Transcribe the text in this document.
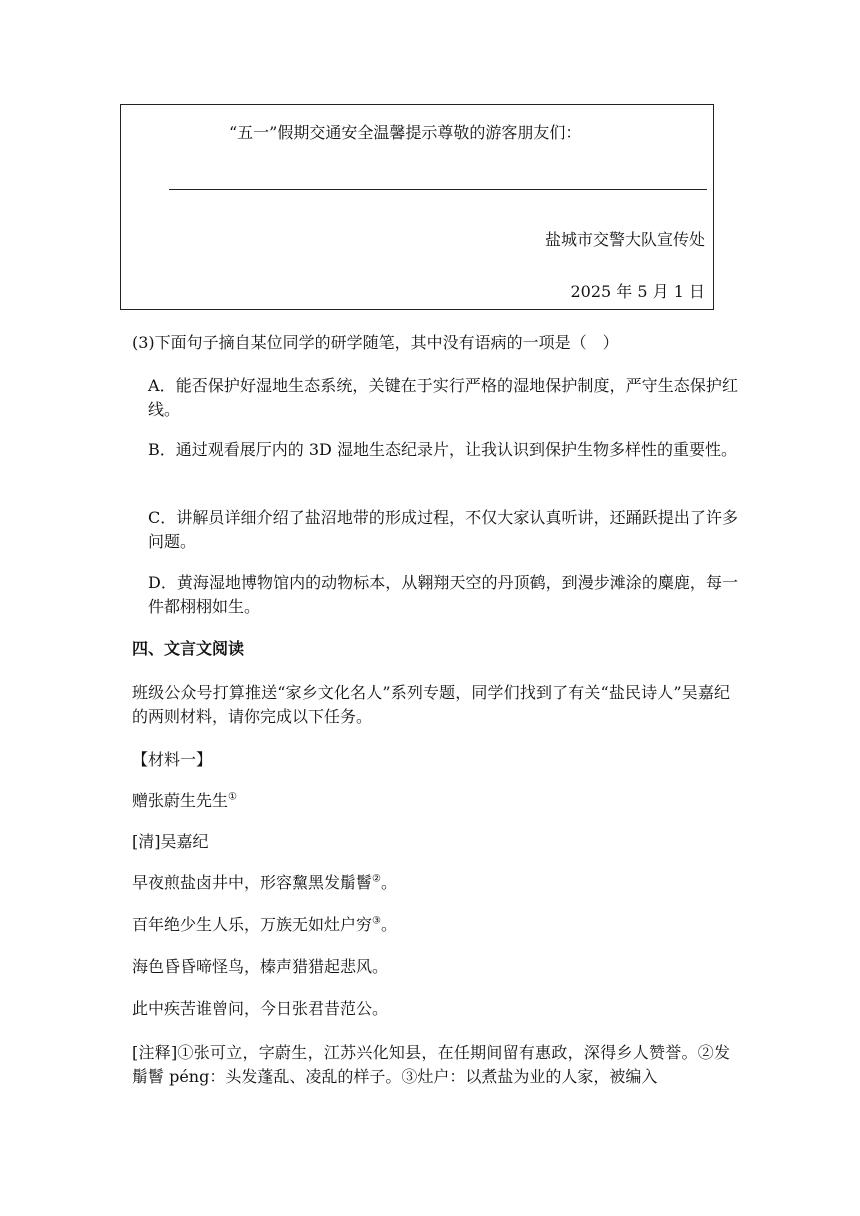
“五一”假期交通安全温馨提示尊敬的游客朋友们：
盐城市交警大队宣传处
2025 年 5 月 1 日
(3)下面句子摘自某位同学的研学随笔，其中没有语病的一项是（　）
A．能否保护好湿地生态系统，关键在于实行严格的湿地保护制度，严守生态保护红线。
B．通过观看展厅内的 3D 湿地生态纪录片，让我认识到保护生物多样性的重要性。
C．讲解员详细介绍了盐沼地带的形成过程，不仅大家认真听讲，还踊跃提出了许多问题。
D．黄海湿地博物馆内的动物标本，从翱翔天空的丹顶鹤，到漫步滩涂的麋鹿，每一件都栩栩如生。
四、文言文阅读
班级公众号打算推送“家乡文化名人”系列专题，同学们找到了有关“盐民诗人”吴嘉纪的两则材料，请你完成以下任务。
【材料一】
赠张蔚生先生①
[清]吴嘉纪
早夜煎盐卤井中，形容黧黑发鬅鬙②。
百年绝少生人乐，万族无如灶户穷③。
海色昏昏啼怪鸟，榛声猎猎起悲风。
此中疾苦谁曾问，今日张君昔范公。
[注释]①张可立，字蔚生，江苏兴化知县，在任期间留有惠政，深得乡人赞誉。②发鬅鬙 péng：头发蓬乱、凌乱的样子。③灶户：以煮盐为业的人家，被编入
